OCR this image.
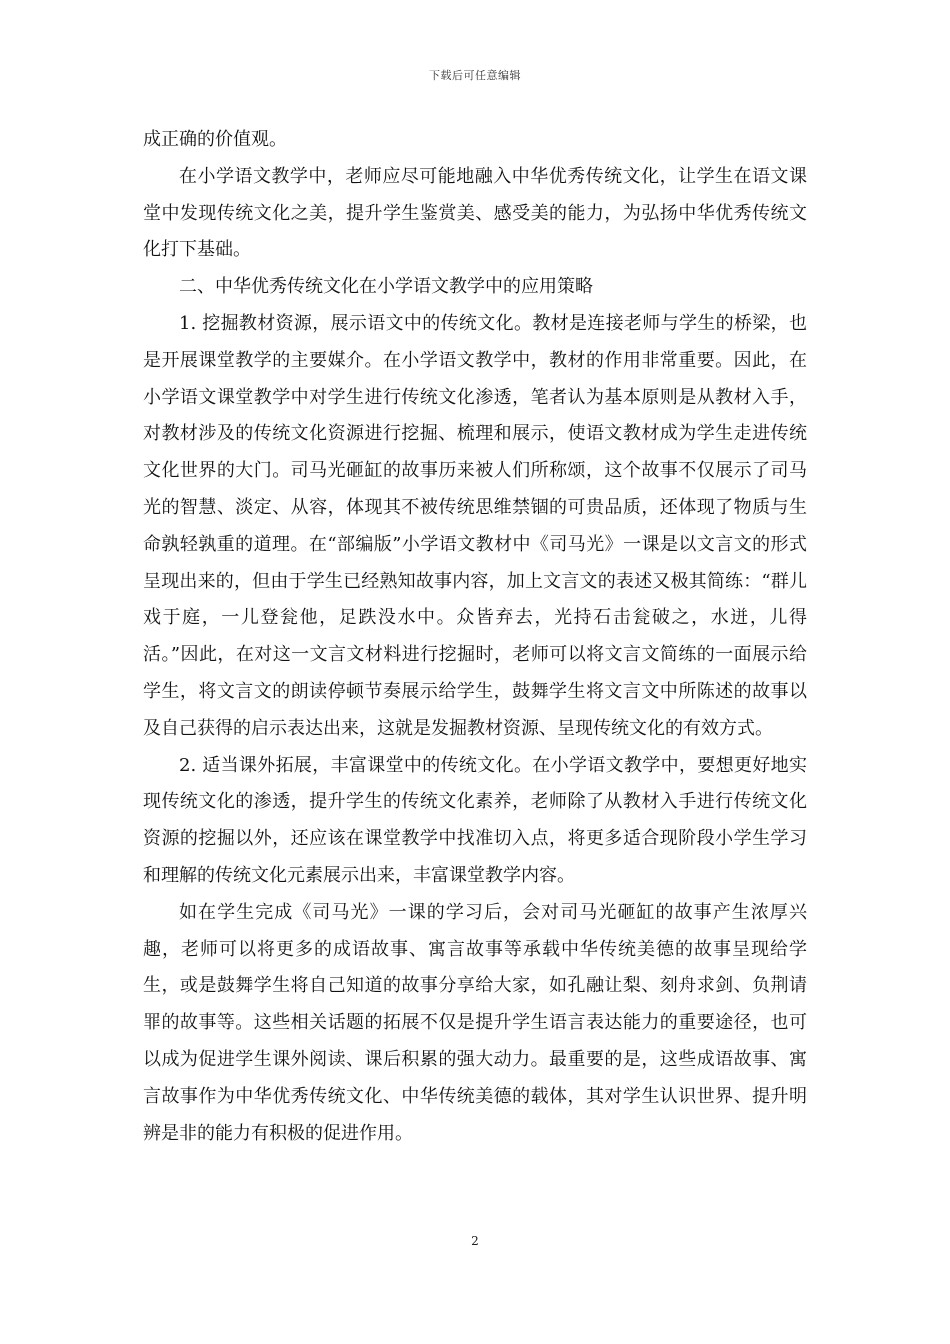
下载后可任意编辑

成正确的价值观。

在小学语文教学中，老师应尽可能地融入中华优秀传统文化，让学生在语文课堂中发现传统文化之美，提升学生鉴赏美、感受美的能力，为弘扬中华优秀传统文化打下基础。

二、中华优秀传统文化在小学语文教学中的应用策略

1. 挖掘教材资源，展示语文中的传统文化。教材是连接老师与学生的桥梁，也是开展课堂教学的主要媒介。在小学语文教学中，教材的作用非常重要。因此，在小学语文课堂教学中对学生进行传统文化渗透，笔者认为基本原则是从教材入手，对教材涉及的传统文化资源进行挖掘、梳理和展示，使语文教材成为学生走进传统文化世界的大门。司马光砸缸的故事历来被人们所称颂，这个故事不仅展示了司马光的智慧、淡定、从容，体现其不被传统思维禁锢的可贵品质，还体现了物质与生命孰轻孰重的道理。在“部编版”小学语文教材中《司马光》一课是以文言文的形式呈现出来的，但由于学生已经熟知故事内容，加上文言文的表述又极其简练：“群儿戏于庭，一儿登瓮他，足跌没水中。众皆弃去，光持石击瓮破之，水迸，儿得活。”因此，在对这一文言文材料进行挖掘时，老师可以将文言文简练的一面展示给学生，将文言文的朗读停顿节奏展示给学生，鼓舞学生将文言文中所陈述的故事以及自己获得的启示表达出来，这就是发掘教材资源、呈现传统文化的有效方式。

2. 适当课外拓展，丰富课堂中的传统文化。在小学语文教学中，要想更好地实现传统文化的渗透，提升学生的传统文化素养，老师除了从教材入手进行传统文化资源的挖掘以外，还应该在课堂教学中找准切入点，将更多适合现阶段小学生学习和理解的传统文化元素展示出来，丰富课堂教学内容。

如在学生完成《司马光》一课的学习后，会对司马光砸缸的故事产生浓厚兴趣，老师可以将更多的成语故事、寓言故事等承载中华传统美德的故事呈现给学生，或是鼓舞学生将自己知道的故事分享给大家，如孔融让梨、刻舟求剑、负荆请罪的故事等。这些相关话题的拓展不仅是提升学生语言表达能力的重要途径，也可以成为促进学生课外阅读、课后积累的强大动力。最重要的是，这些成语故事、寓言故事作为中华优秀传统文化、中华传统美德的载体，其对学生认识世界、提升明辨是非的能力有积极的促进作用。

2
